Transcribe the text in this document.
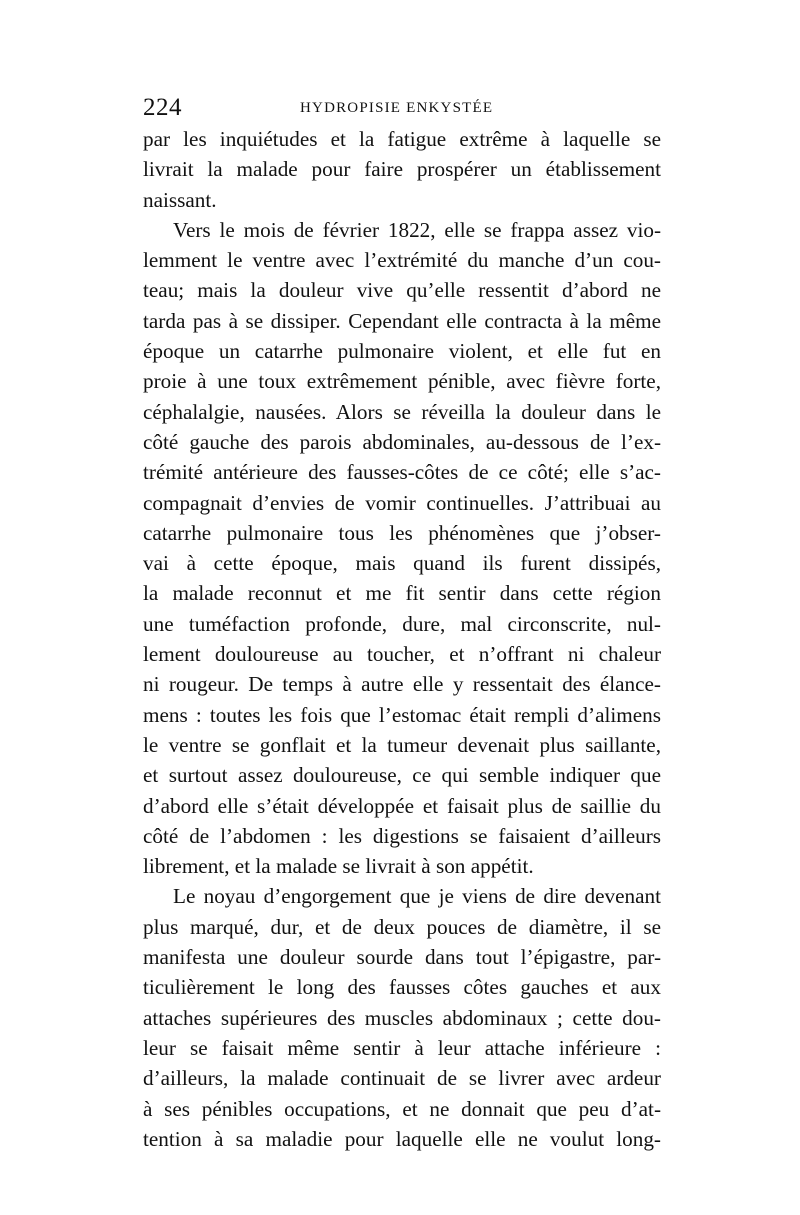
224	HYDROPISIE ENKYSTÉE
par les inquiétudes et la fatigue extrême à laquelle se
livrait la malade pour faire prospérer un établissement
naissant.
Vers le mois de février 1822, elle se frappa assez vio-
lemment le ventre avec l’extrémité du manche d’un cou-
teau; mais la douleur vive qu’elle ressentit d’abord ne
tarda pas à se dissiper. Cependant elle contracta à la même
époque un catarrhe pulmonaire violent, et elle fut en
proie à une toux extrêmement pénible, avec fièvre forte,
céphalalgie, nausées. Alors se réveilla la douleur dans le
côté gauche des parois abdominales, au-dessous de l’ex-
trémité antérieure des fausses-côtes de ce côté; elle s’ac-
compagnait d’envies de vomir continuelles. J’attribuai au
catarrhe pulmonaire tous les phénomènes que j’obser-
vai à cette époque, mais quand ils furent dissipés,
la malade reconnut et me fit sentir dans cette région
une tuméfaction profonde, dure, mal circonscrite, nul-
lement douloureuse au toucher, et n’offrant ni chaleur
ni rougeur. De temps à autre elle y ressentait des élance-
mens : toutes les fois que l’estomac était rempli d’alimens
le ventre se gonflait et la tumeur devenait plus saillante,
et surtout assez douloureuse, ce qui semble indiquer que
d’abord elle s’était développée et faisait plus de saillie du
côté de l’abdomen : les digestions se faisaient d’ailleurs
librement, et la malade se livrait à son appétit.
Le noyau d’engorgement que je viens de dire devenant
plus marqué, dur, et de deux pouces de diamètre, il se
manifesta une douleur sourde dans tout l’épigastre, par-
ticulièrement le long des fausses côtes gauches et aux
attaches supérieures des muscles abdominaux ; cette dou-
leur se faisait même sentir à leur attache inférieure :
d’ailleurs, la malade continuait de se livrer avec ardeur
à ses pénibles occupations, et ne donnait que peu d’at-
tention à sa maladie pour laquelle elle ne voulut long-
